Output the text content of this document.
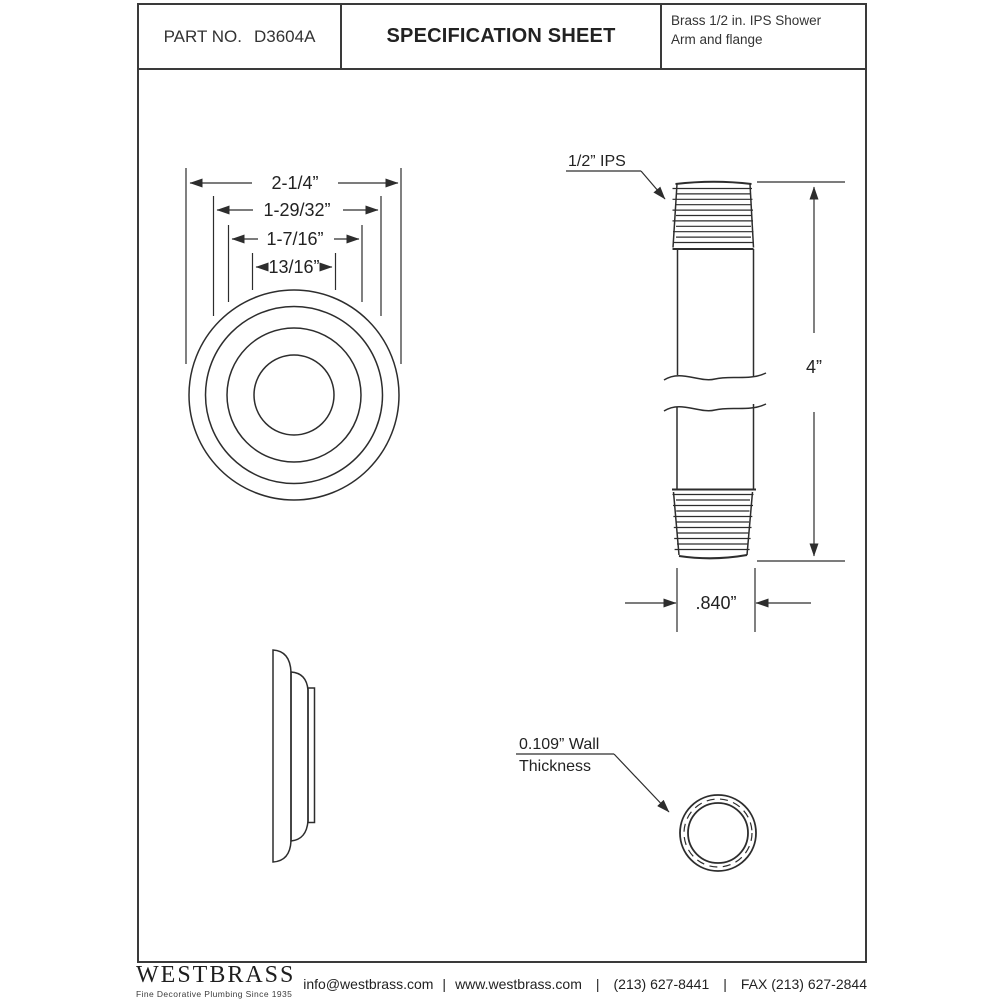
PART NO. D3604A	SPECIFICATION SHEET
Brass 1/2 in. IPS Shower Arm and flange
2-1/4”
1-29/32”
1-7/16”
13/16”
1/2” IPS
4”
.840”
0.109” Wall
Thickness
WESTBRASS
Fine Decorative Plumbing Since 1935
info@westbrass.com | www.westbrass.com | (213) 627-8441 | FAX (213) 627-2844
